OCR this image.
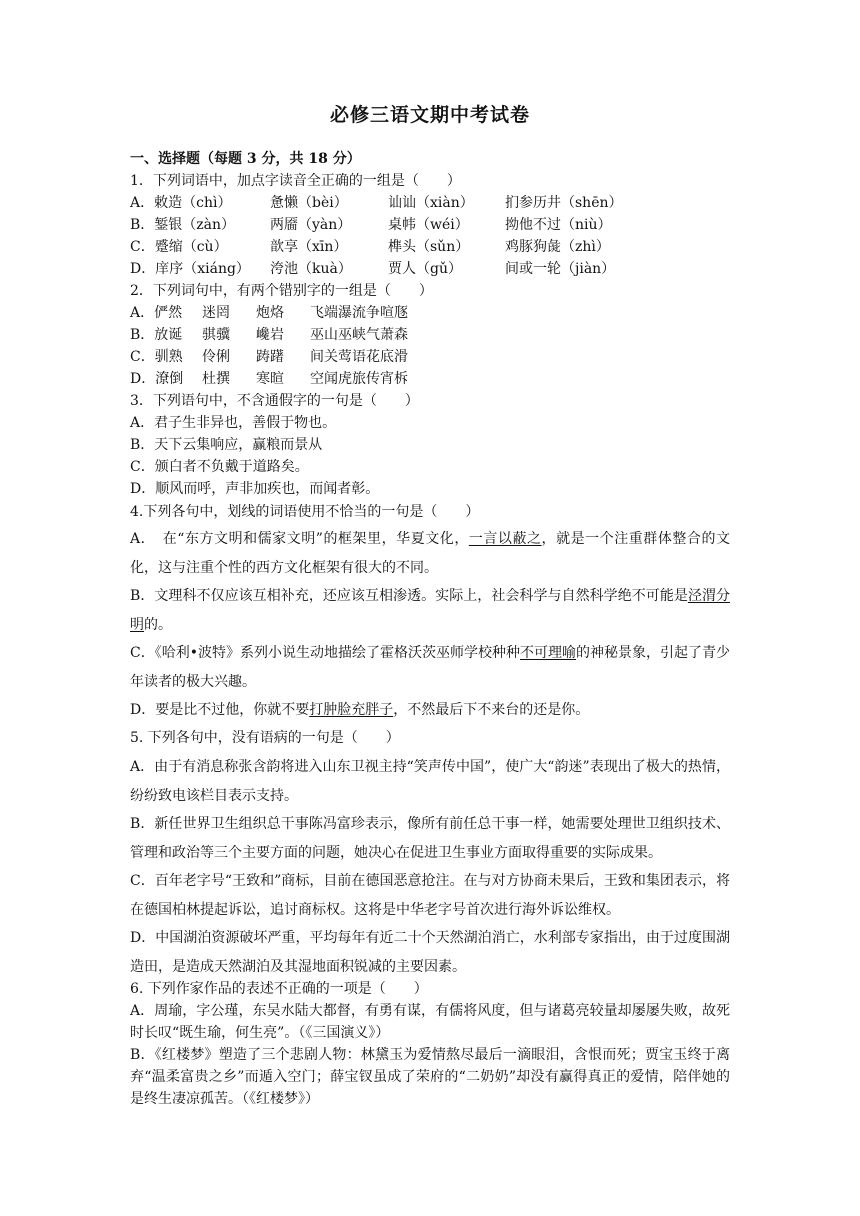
必修三语文期中考试卷
一、选择题（每题 3 分，共 18 分）
1．下列词语中，加点字读音全正确的一组是（　　）
A．敕造（chì）	惫懒（bèi）	讪讪（xiàn） 扪参历井（shēn）
B．錾银（zàn） 两靥（yàn）	桌帏（wéi）	拗他不过（niù）
C．蹙缩（cù）	歆享（xīn）	榫头（sǔn）	鸡豚狗彘（zhì）
D．庠序（xiáng） 洿池（kuà）	贾人（gǔ）	间或一轮（jiàn）
2．下列词句中，有两个错别字的一组是（　　）
A．俨然 迷罔 炮烙 飞端瀑流争喧豗
B．放诞 骐骥 巉岩 巫山巫峡气萧森
C．驯熟 伶俐 踌躇 间关莺语花底滑
D．潦倒 杜撰 寒暄 空闻虎旅传宵柝
3．下列语句中，不含通假字的一句是（　　）
A．君子生非异也，善假于物也。
B．天下云集响应，赢粮而景从
C．颁白者不负戴于道路矣。
D．顺风而呼，声非加疾也，而闻者彰。
4.下列各句中，划线的词语使用不恰当的一句是（　　）
A．　在“东方文明和儒家文明”的框架里，华夏文化，一言以蔽之，就是一个注重群体整合的文化，这与注重个性的西方文化框架有很大的不同。
B．文理科不仅应该互相补充，还应该互相渗透。实际上，社会科学与自然科学绝不可能是泾渭分明的。
C．《哈利•波特》系列小说生动地描绘了霍格沃茨巫师学校种种不可理喻的神秘景象，引起了青少年读者的极大兴趣。
D．要是比不过他，你就不要打肿脸充胖子，不然最后下不来台的还是你。
5. 下列各句中，没有语病的一句是（　　）
A．由于有消息称张含韵将进入山东卫视主持“笑声传中国”，使广大“韵迷”表现出了极大的热情，纷纷致电该栏目表示支持。
B．新任世界卫生组织总干事陈冯富珍表示，像所有前任总干事一样，她需要处理世卫组织技术、管理和政治等三个主要方面的问题，她决心在促进卫生事业方面取得重要的实际成果。
C．百年老字号“王致和”商标，目前在德国恶意抢注。在与对方协商未果后，王致和集团表示，将在德国柏林提起诉讼，追讨商标权。这将是中华老字号首次进行海外诉讼维权。
D．中国湖泊资源破坏严重，平均每年有近二十个天然湖泊消亡，水利部专家指出，由于过度围湖造田，是造成天然湖泊及其湿地面积锐减的主要因素。
6. 下列作家作品的表述不正确的一项是（　　）
A．周瑜，字公瑾，东吴水陆大都督，有勇有谋，有儒将风度，但与诸葛亮较量却屡屡失败，故死时长叹“既生瑜，何生亮”。（《三国演义》）
B．《红楼梦》塑造了三个悲剧人物：林黛玉为爱情熬尽最后一滴眼泪，含恨而死；贾宝玉终于离弃“温柔富贵之乡”而遁入空门；薛宝钗虽成了荣府的“二奶奶”却没有赢得真正的爱情，陪伴她的是终生凄凉孤苦。（《红楼梦》）
